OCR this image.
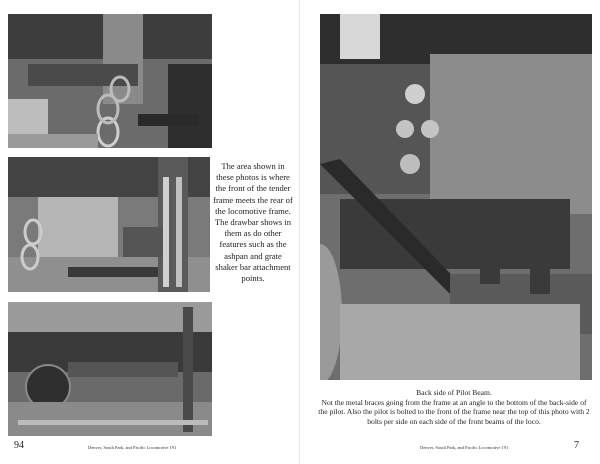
The area shown in these photos is where the front of the tender frame meets the rear of the locomotive frame. The drawbar shows in them as do other features such as the ashpan and grate shaker bar attachment points.
94	Denver, South Park, and Pacific Locomotive 191

Back side of Pilot Beam.

Not the metal braces going from the frame at an angle to the bottom of the back-side of the pilot. Also the pilot is bolted to the front of the frame near the top of this photo with 2 bolts per side on each side of the front beams of the loco.

Denver, South Park, and Pacific Locomotive 191	7
